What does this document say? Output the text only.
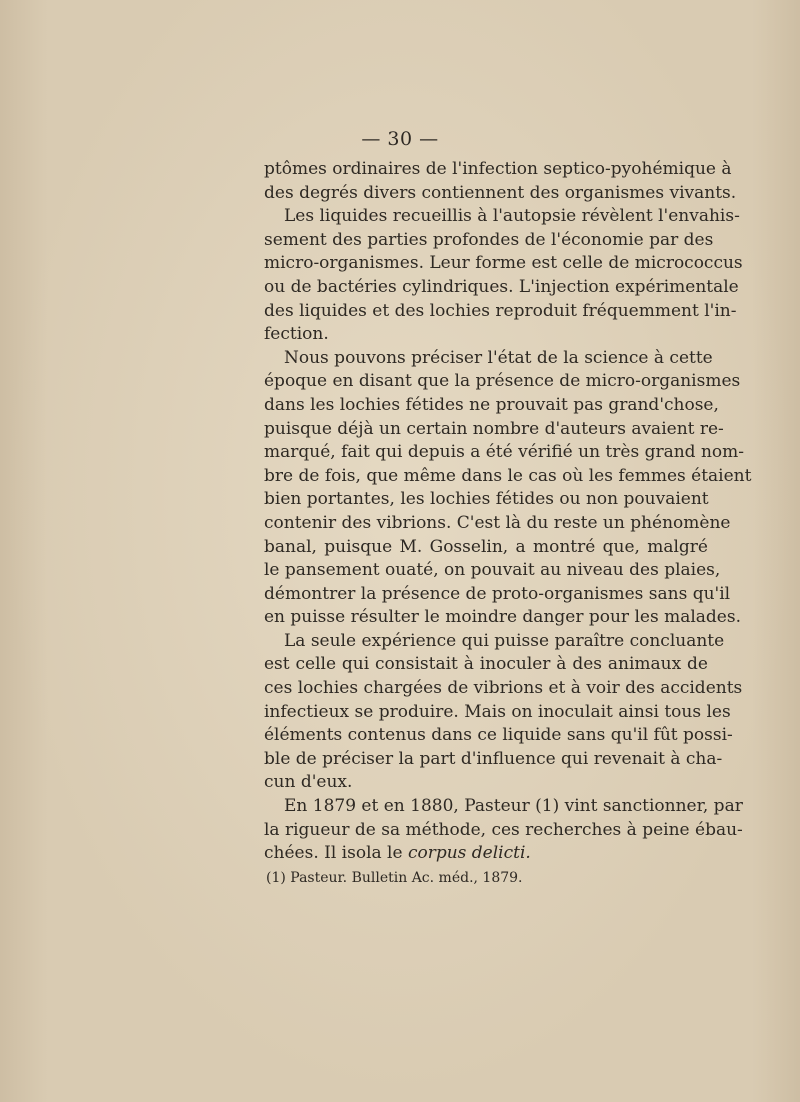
— 30 —
ptômes ordinaires de l'infection septico-pyohémique à
des degrés divers contiennent des organismes vivants.
Les liquides recueillis à l'autopsie révèlent l'envahis-
sement des parties profondes de l'économie par des
micro-organismes. Leur forme est celle de micrococcus
ou de bactéries cylindriques. L'injection expérimentale
des liquides et des lochies reproduit fréquemment l'in-
fection.
Nous pouvons préciser l'état de la science à cette
époque en disant que la présence de micro-organismes
dans les lochies fétides ne prouvait pas grand'chose,
puisque déjà un certain nombre d'auteurs avaient re-
marqué, fait qui depuis a été vérifié un très grand nom-
bre de fois, que même dans le cas où les femmes étaient
bien portantes, les lochies fétides ou non pouvaient
contenir des vibrions. C'est là du reste un phénomène
banal, puisque M. Gosselin, a montré que, malgré
le pansement ouaté, on pouvait au niveau des plaies,
démontrer la présence de proto-organismes sans qu'il
en puisse résulter le moindre danger pour les malades.
La seule expérience qui puisse paraître concluante
est celle qui consistait à inoculer à des animaux de
ces lochies chargées de vibrions et à voir des accidents
infectieux se produire. Mais on inoculait ainsi tous les
éléments contenus dans ce liquide sans qu'il fût possi-
ble de préciser la part d'influence qui revenait à cha-
cun d'eux.
En 1879 et en 1880, Pasteur (1) vint sanctionner, par
la rigueur de sa méthode, ces recherches à peine ébau-
chées. Il isola le corpus delicti.
(1) Pasteur. Bulletin Ac. méd., 1879.
